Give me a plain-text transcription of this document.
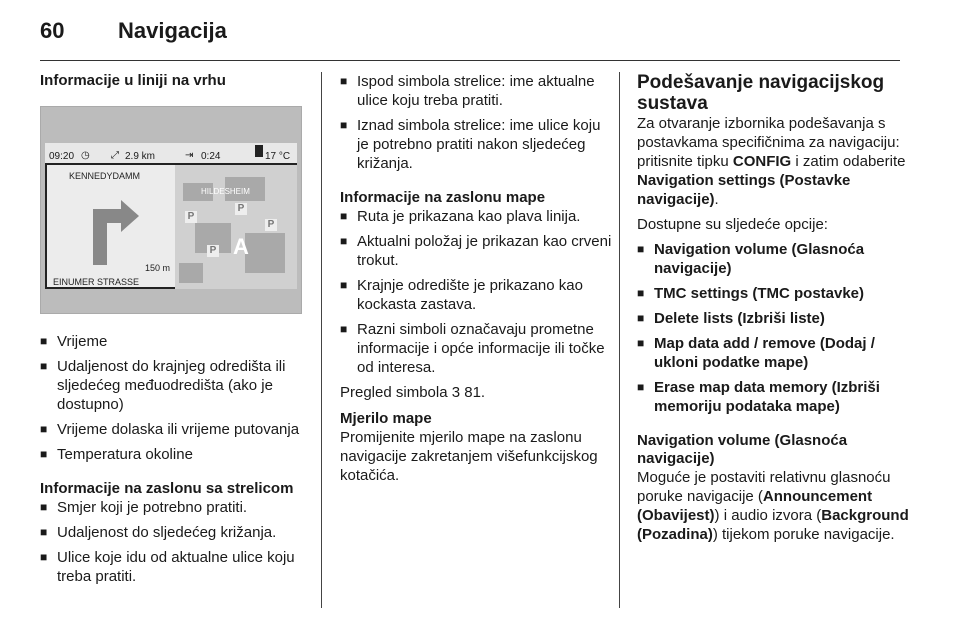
60 Navigacija
Informacije u liniji na vrhu
P
P
P
P A
HILDESHEIM
09:20 ◷ ⤢ 2.9 km	⇥ 0:24	17 °C
KENNEDYDAMM
150 m
EINUMER STRASSE
■ Vrijeme
■ Udaljenost do krajnjeg odredišta ili sljedećeg međuodredišta (ako je dostupno)
■ Vrijeme dolaska ili vrijeme putovanja
■ Temperatura okoline
Informacije na zaslonu sa strelicom
■ Smjer koji je potrebno pratiti.
■ Udaljenost do sljedećeg križanja.
■ Ulice koje idu od aktualne ulice koju treba pratiti.
■ Ispod simbola strelice: ime aktualne ulice koju treba pratiti.
■ Iznad simbola strelice: ime ulice koju je potrebno pratiti nakon sljedećeg križanja.
Informacije na zaslonu mape
■ Ruta je prikazana kao plava linija.
■ Aktualni položaj je prikazan kao crveni trokut.
■ Krajnje odredište je prikazano kao kockasta zastava.
■ Razni simboli označavaju prometne informacije i opće informacije ili točke od interesa.

Pregled simbola 3 81.

Mjerilo mape

Promijenite mjerilo mape na zaslonu navigacije zakretanjem višefunkcijskog kotačića.

Podešavanje navigacijskog sustava

Za otvaranje izbornika podešavanja s postavkama specifičnima za navigaciju: pritisnite tipku CONFIG i zatim odaberite Navigation settings (Postavke navigacije).

Dostupne su sljedeće opcije:

■ Navigation volume (Glasnoća navigacije)
■ TMC settings (TMC postavke)
■ Delete lists (Izbriši liste)
■ Map data add / remove (Dodaj / ukloni podatke mape)
■ Erase map data memory (Izbriši memoriju podataka mape)
Navigation volume (Glasnoća navigacije)

Moguće je postaviti relativnu glasnoću poruke navigacije (Announcement (Obavijest)) i audio izvora (Background (Pozadina)) tijekom poruke navigacije.
